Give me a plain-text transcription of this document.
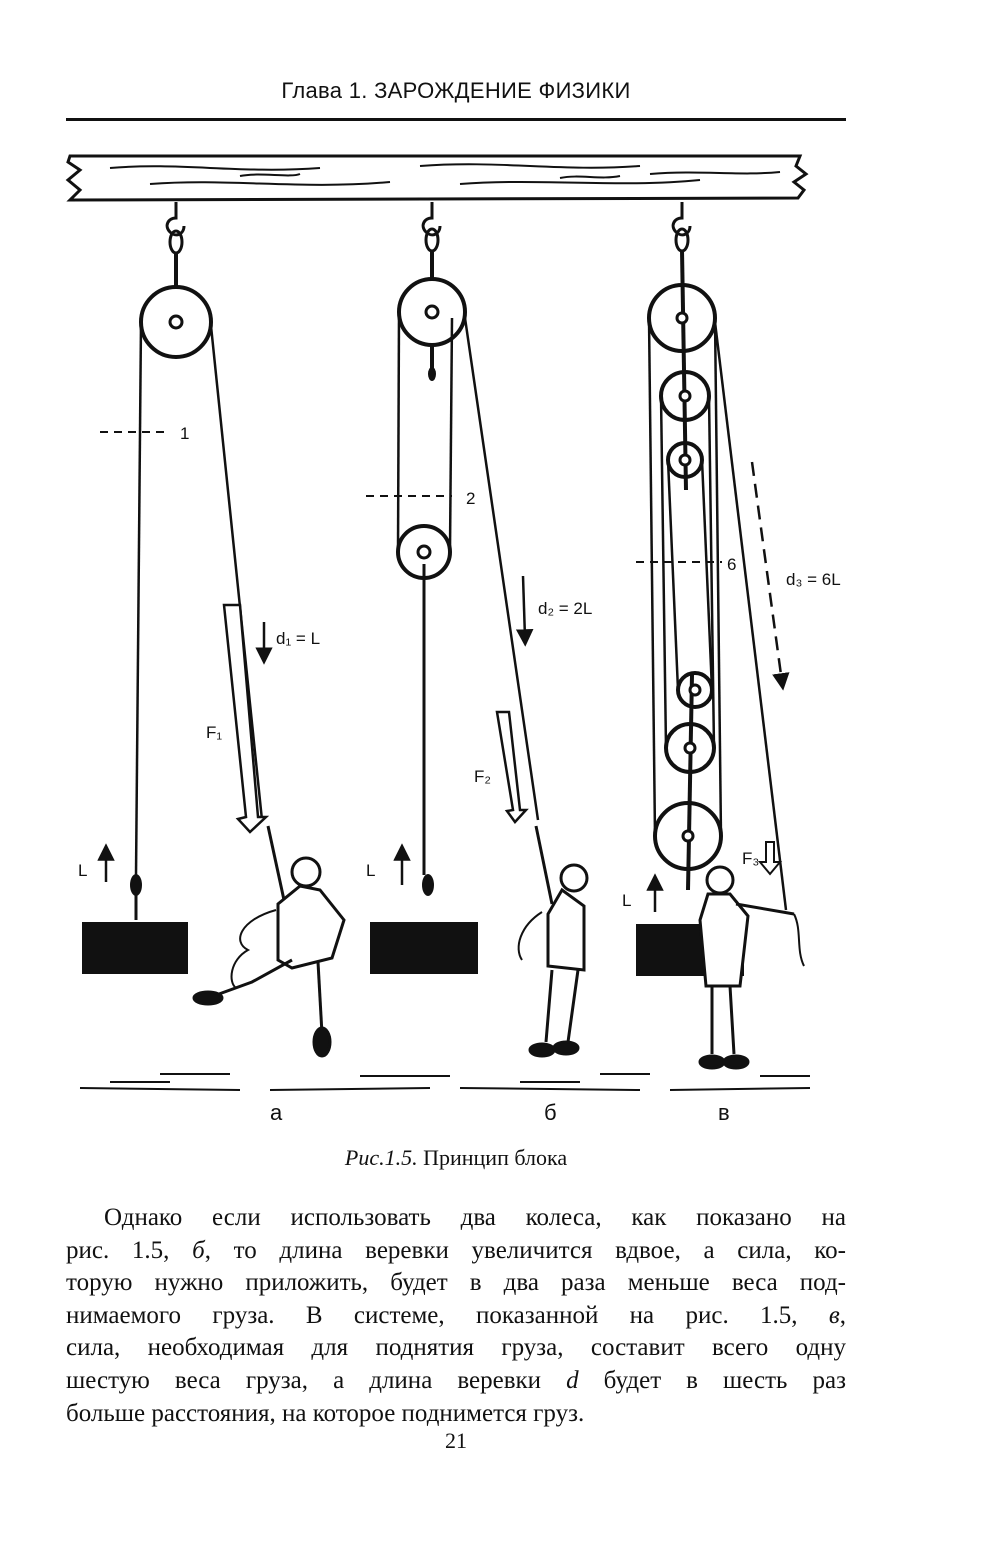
Глава 1. ЗАРОЖДЕНИЕ ФИЗИКИ
1
2
6
d₁ = L
d₂ = 2L
d₃ = 6L
F₁
F₂
F₃
L	L
L
а	б	в
Рис.1.5. Принцип блока
Однако если использовать два колеса, как показано на
рис. 1.5, б, то длина веревки увеличится вдвое, а сила, ко-
торую нужно приложить, будет в два раза меньше веса под-
нимаемого груза. В системе, показанной на рис. 1.5, в,
сила, необходимая для поднятия груза, составит всего одну
шестую веса груза, а длина веревки d будет в шесть раз
больше расстояния, на которое поднимется груз.
21
